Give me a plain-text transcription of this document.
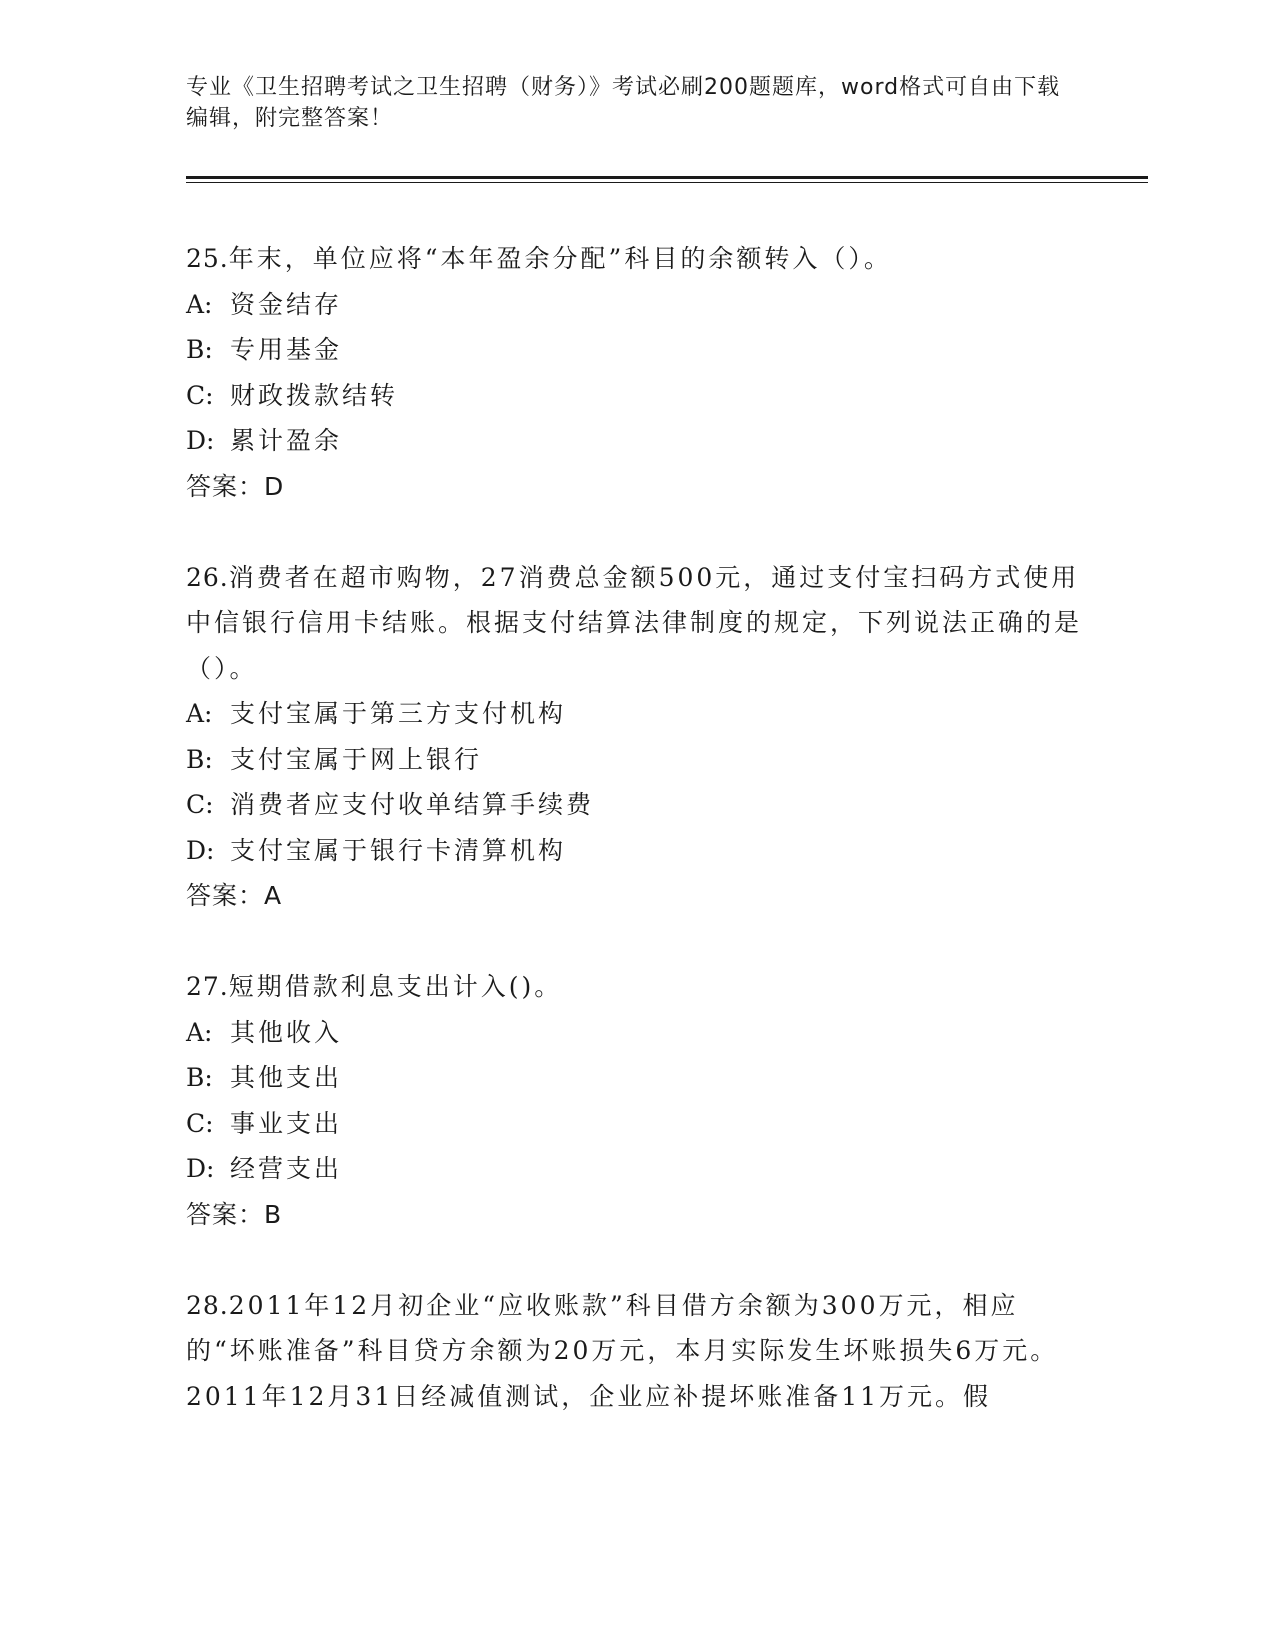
专业《卫生招聘考试之卫生招聘（财务）》考试必刷200题题库，word格式可自由下载编辑，附完整答案！
25.年末，单位应将“本年盈余分配”科目的余额转入（）。
A: 资金结存
B: 专用基金
C: 财政拨款结转
D: 累计盈余
答案：D
26.消费者在超市购物，27消费总金额500元，通过支付宝扫码方式使用中信银行信用卡结账。根据支付结算法律制度的规定，下列说法正确的是（）。
A: 支付宝属于第三方支付机构
B: 支付宝属于网上银行
C: 消费者应支付收单结算手续费
D: 支付宝属于银行卡清算机构
答案：A
27.短期借款利息支出计入()。
A: 其他收入
B: 其他支出
C: 事业支出
D: 经营支出
答案：B
28.2011年12月初企业“应收账款”科目借方余额为300万元，相应的“坏账准备”科目贷方余额为20万元，本月实际发生坏账损失6万元。2011年12月31日经减值测试，企业应补提坏账准备11万元。假
